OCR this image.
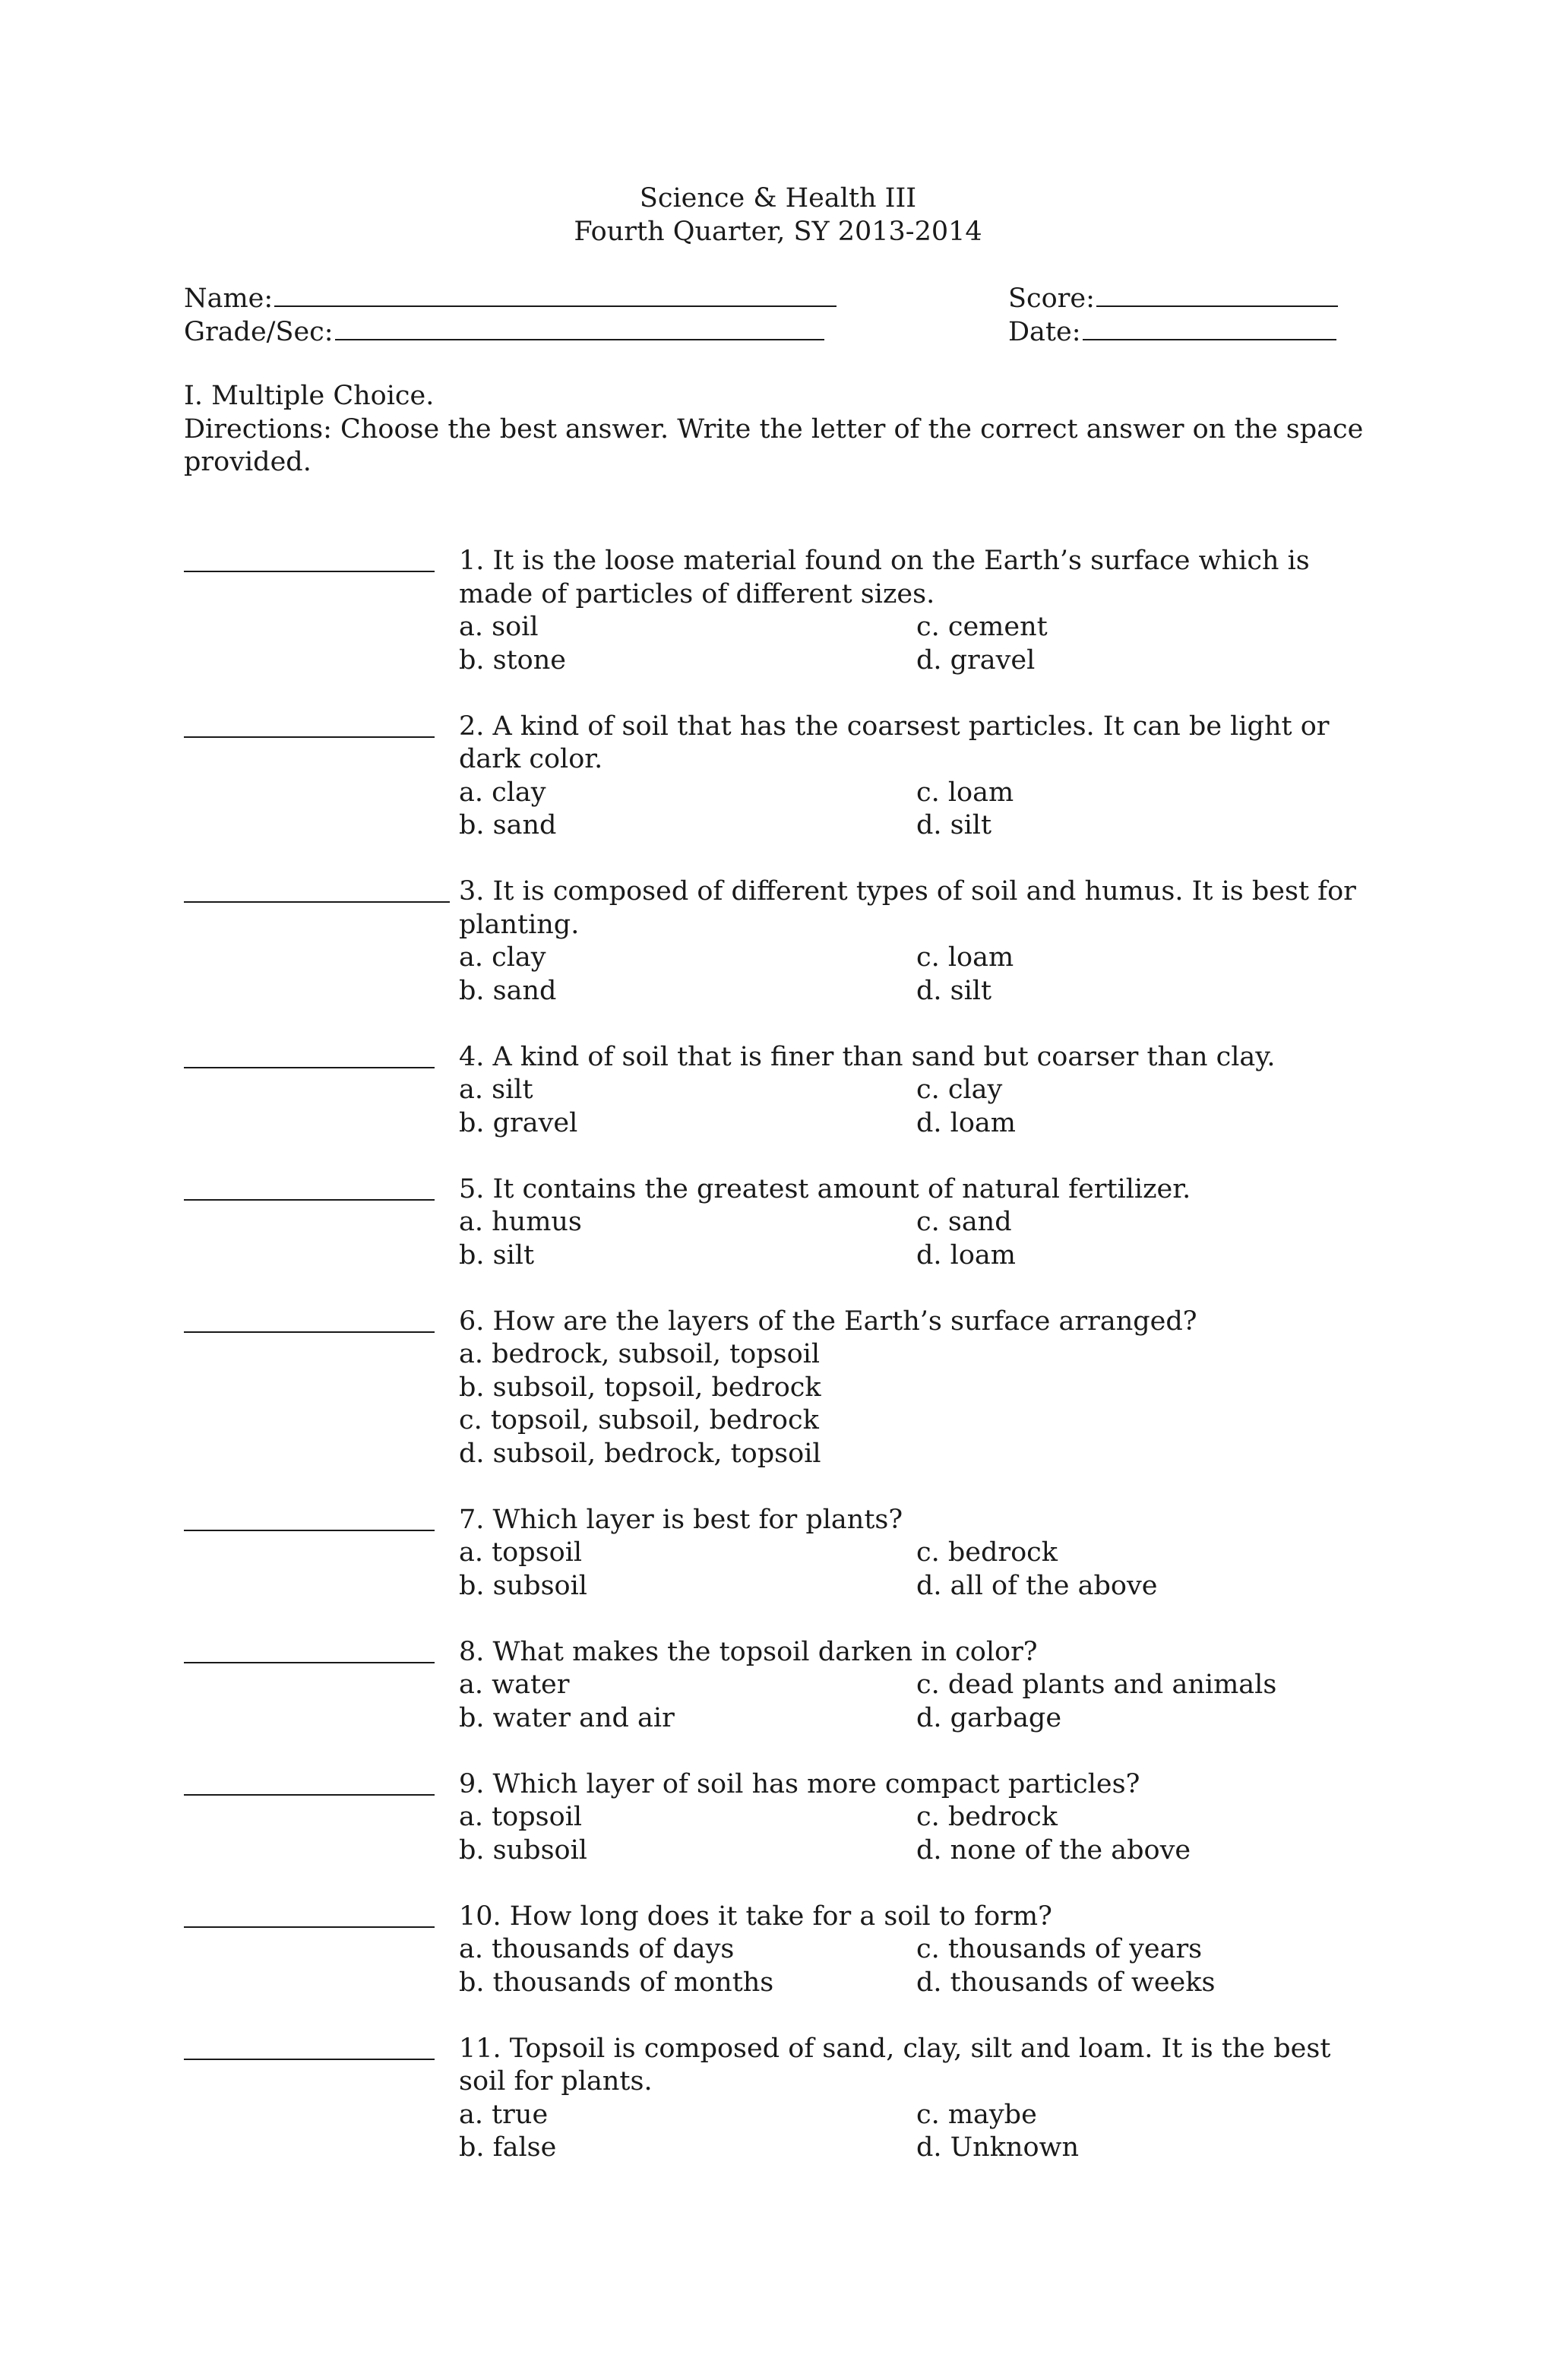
Science & Health III
Fourth Quarter, SY 2013-2014
Name:	Score:
Grade/Sec:	Date:
I. Multiple Choice.
Directions: Choose the best answer. Write the letter of the correct answer on the space provided.
1. It is the loose material found on the Earth’s surface which is made of particles of different sizes.
a. soil	c. cement
b. stone	d. gravel
2. A kind of soil that has the coarsest particles. It can be light or dark color.
a. clay	c. loam
b. sand	d. silt
3. It is composed of different types of soil and humus. It is best for planting.
a. clay	c. loam
b. sand	d. silt
4. A kind of soil that is finer than sand but coarser than clay.
a. silt	c. clay
b. gravel	d. loam
5. It contains the greatest amount of natural fertilizer.
a. humus	c. sand
b. silt	d. loam
6. How are the layers of the Earth’s surface arranged?
a. bedrock, subsoil, topsoil
b. subsoil, topsoil, bedrock
c. topsoil, subsoil, bedrock
d. subsoil, bedrock, topsoil
7. Which layer is best for plants?
a. topsoil	c. bedrock
b. subsoil	d. all of the above
8. What makes the topsoil darken in color?
a. water	c. dead plants and animals
b. water and air	d. garbage
9. Which layer of soil has more compact particles?
a. topsoil	c. bedrock
b. subsoil	d. none of the above
10. How long does it take for a soil to form?
a. thousands of days	c. thousands of years
b. thousands of months	d. thousands of weeks
11. Topsoil is composed of sand, clay, silt and loam. It is the best soil for plants.
a. true	c. maybe
b. false	d. Unknown
